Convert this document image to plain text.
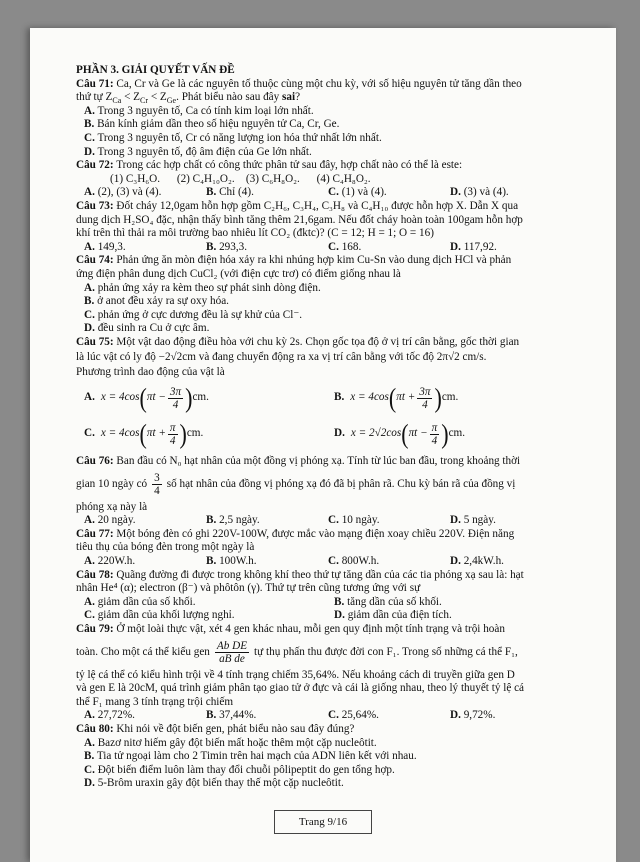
PHẦN 3. GIẢI QUYẾT VẤN ĐỀ
Câu 71: Ca, Cr và Ge là các nguyên tố thuộc cùng một chu kỳ, với số hiệu nguyên tử tăng dần theo
thứ tự $Z_{Ca} < Z_{Cr} < Z_{Ge}$. Phát biểu nào sau đây sai?
A. Trong 3 nguyên tố, Ca có tính kim loại lớn nhất.
B. Bán kính giảm dần theo số hiệu nguyên tử Ca, Cr, Ge.
C. Trong 3 nguyên tố, Cr có năng lượng ion hóa thứ nhất lớn nhất.
D. Trong 3 nguyên tố, độ âm điện của Ge lớn nhất.
Câu 72: Trong các hợp chất có công thức phân tử sau đây, hợp chất nào có thể là este:
(1) C₃H₆O.      (2) C₄H₁₀O₂.    (3) C₆H₈O₂.      (4) C₄H₈O₂.
A. (2), (3) và (4).	B. Chỉ (4).	C. (1) và (4).	D. (3) và (4).
Câu 73: Đốt cháy 12,0gam hỗn hợp gồm C₂H₆, C₃H₄, C₃H₈ và C₄H₁₀ được hỗn hợp X. Dẫn X qua
dung dịch H₂SO₄ đặc, nhận thấy bình tăng thêm 21,6gam. Nếu đốt cháy hoàn toàn 100gam hỗn hợp
khí trên thì thải ra môi trường bao nhiêu lít CO₂ (đktc)? (C = 12; H = 1; O = 16)
A. 149,3.	B. 293,3.	C. 168.	D. 117,92.
Câu 74: Phản ứng ăn mòn điện hóa xảy ra khi nhúng hợp kim Cu-Sn vào dung dịch HCl và phản
ứng điện phân dung dịch CuCl₂ (với điện cực trơ) có điểm giống nhau là
A. phản ứng xảy ra kèm theo sự phát sinh dòng điện.
B. ở anot đều xảy ra sự oxy hóa.
C. phản ứng ở cực dương đều là sự khử của Cl⁻.
D. đều sinh ra Cu ở cực âm.
Câu 75: Một vật dao động điều hòa với chu kỳ 2s. Chọn gốc tọa độ ở vị trí cân bằng, gốc thời gian
là lúc vật có ly độ −2√2cm và đang chuyển động ra xa vị trí cân bằng với tốc độ 2π√2 cm/s.
Phương trình dao động của vật là
A. x = 4cos ( $\pi t - \frac{3\pi}{4}$ ) cm.	B. x = 4cos ( $\pi t + \frac{3\pi}{4}$ ) cm.
C. x = 4cos ( $\pi t + \frac{\pi}{4}$ ) cm.	D. x = 2√2cos ( $\pi t - \frac{\pi}{4}$ ) cm.
Câu 76: Ban đầu có N₀ hạt nhân của một đồng vị phóng xạ. Tính từ lúc ban đầu, trong khoảng thời
gian 10 ngày có $\frac{3}{4}$ số hạt nhân của đồng vị phóng xạ đó đã bị phân rã. Chu kỳ bán rã của đồng vị
phóng xạ này là
A. 20 ngày.	B. 2,5 ngày.	C. 10 ngày.	D. 5 ngày.
Câu 77: Một bóng đèn có ghi 220V-100W, được mắc vào mạng điện xoay chiều 220V. Điện năng
tiêu thụ của bóng đèn trong một ngày là
A. 220W.h.	B. 100W.h.	C. 800W.h.	D. 2,4kW.h.
Câu 78: Quãng đường đi được trong không khí theo thứ tự tăng dần của các tia phóng xạ sau là: hạt
nhân He⁴ (α); electron (β⁻) và phôtôn (γ). Thứ tự trên cũng tương ứng với sự
A. giảm dần của số khối.	B. tăng dần của số khối.
C. giảm dần của khối lượng nghỉ.	D. giảm dần của điện tích.
Câu 79: Ở một loài thực vật, xét 4 gen khác nhau, mỗi gen quy định một tính trạng và trội hoàn
toàn. Cho một cá thể kiểu gen $\frac{\text{Ab DE}}{\text{aB de}}$ tự thụ phấn thu được đời con F₁. Trong số những cá thể F₁,
tỷ lệ cá thể có kiểu hình trội về 4 tính trạng chiếm 35,64%. Nếu khoảng cách di truyền giữa gen D
và gen E là 20cM, quá trình giảm phân tạo giao tử ở đực và cái là giống nhau, theo lý thuyết tỷ lệ cá
thể F₁ mang 3 tính trạng trội chiếm
A. 27,72%.	B. 37,44%.	C. 25,64%.	D. 9,72%.
Câu 80: Khi nói về đột biến gen, phát biểu nào sau đây đúng?
A. Bazơ nitơ hiếm gây đột biến mất hoặc thêm một cặp nucleôtit.
B. Tia tử ngoại làm cho 2 Timin trên hai mạch của ADN liên kết với nhau.
C. Đột biến điểm luôn làm thay đổi chuỗi pôlipeptit do gen tổng hợp.
D. 5-Brôm uraxin gây đột biến thay thế một cặp nucleôtit.
Trang 9/16
